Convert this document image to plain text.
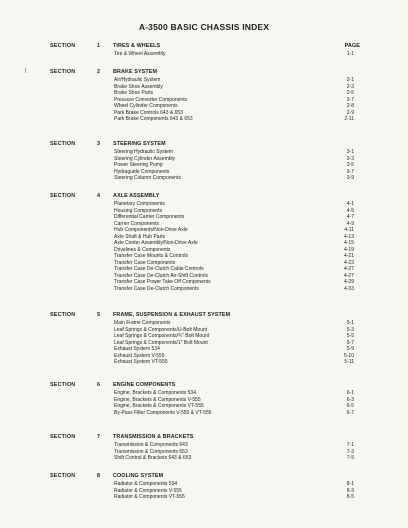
A-3500 BASIC CHASSIS INDEX
PAGE
SECTION	1 TIRES & WHEELS
Tire & Wheel Assembly	1-1
SECTION	2 BRAKE SYSTEM
Air/Hydraulic System	2-1
Brake Shoe Assembly	2-3
Brake Shoe Parts	2-5
Pressure Converter Components	2-7
Wheel Cylinder Components	2-8
Park Brake Controls 643 & 653	2-9
Park Brake Components 643 & 653	2-11
SECTION	3 STEERING SYSTEM
Steering Hydraulic System	3-1
Steering Cylinder Assembly	3-3
Power Steering Pump	3-5
Hydraguide Components	3-7
Steering Column Components	3-9
SECTION	4 AXLE ASSEMBLY
Planetary Components	4-1
Housing Components	4-5
Differential Carrier Components	4-7
Carrier Components	4-9
Hub Components/Non-Drive Axle	4-11
Axle Shaft & Hub Parts	4-13
Axle Center Assembly/Non-Drive Axle	4-15
Drivelines & Components	4-19
Transfer Case Mounts & Controls	4-21
Transfer Case Components	4-23
Transfer Case De-Clutch Cable Controls	4-27
Transfer Case De-Clutch Air-Shift Controls	4-27
Transfer Case Power Take Off Components	4-29
Transfer Case De-Clutch Components	4-33
SECTION	5 FRAME, SUSPENSION & EXHAUST SYSTEM
Main Frame Components	5-1
Leaf Springs & Components/U-Bolt Mount	5-3
Leaf Springs & Components/¾" Bolt Mount	5-5
Leaf Springs & Components/1" Bolt Mount	5-7
Exhaust System 534	5-9
Exhaust System V-555	5-10
Exhaust System VT-555	5-11
SECTION	6 ENGINE COMPONENTS
Engine, Brackets & Components 534	6-1
Engine, Brackets & Components V-555	6-3
Engine, Brackets & Components VT-555	6-5
By-Pass Filter Components V-555 & VT-555	6-7
SECTION	7 TRANSMISSION & BRACKETS
Transmission & Components 643	7-1
Transmission & Components 653	7-3
Shift Control & Brackets 643 & 653	7-5
SECTION	8 COOLING SYSTEM
Radiator & Components 534	8-1
Radiator & Components V-555	8-3
Radiator & Components VT-555	8-5
